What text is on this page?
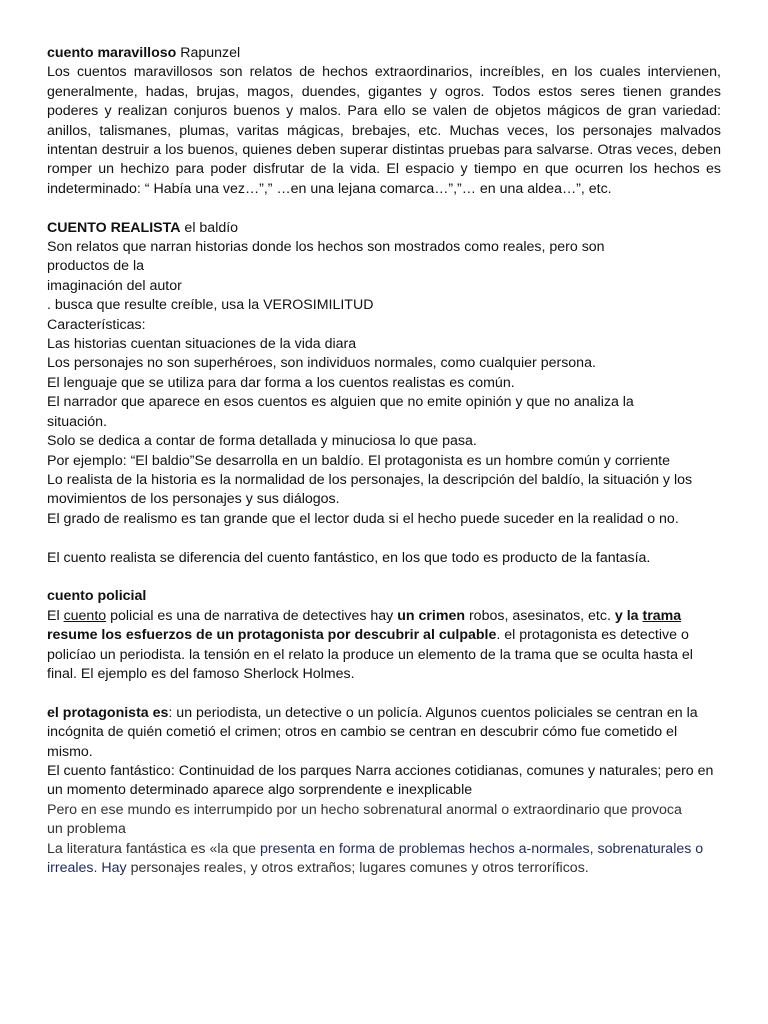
cuento maravilloso Rapunzel

Los cuentos maravillosos son relatos de hechos extraordinarios, increíbles, en los cuales intervienen, generalmente, hadas, brujas, magos, duendes, gigantes y ogros. Todos estos seres tienen grandes poderes y realizan conjuros buenos y malos. Para ello se valen de objetos mágicos de gran variedad: anillos, talismanes, plumas, varitas mágicas, brebajes, etc. Muchas veces, los personajes malvados intentan destruir a los buenos, quienes deben superar distintas pruebas para salvarse. Otras veces, deben romper un hechizo para poder disfrutar de la vida. El espacio y tiempo en que ocurren los hechos es indeterminado: “ Había una vez…”,” …en una lejana comarca…”,”… en una aldea…”, etc.

CUENTO REALISTA el baldío

Son relatos que narran historias donde los hechos son mostrados como reales, pero son productos de la

imaginación del autor

. busca que resulte creíble, usa la VEROSIMILITUD

Características:

Las historias cuentan situaciones de la vida diara

Los personajes no son superhéroes, son individuos normales, como cualquier persona.

El lenguaje que se utiliza para dar forma a los cuentos realistas es común.

El narrador que aparece en esos cuentos es alguien que no emite opinión y que no analiza la situación.

Solo se dedica a contar de forma detallada y minuciosa lo que pasa.

Por ejemplo: “El baldio”Se desarrolla en un baldío. El protagonista es un hombre común y corriente

Lo realista de la historia es la normalidad de los personajes, la descripción del baldío, la situación y los movimientos de los personajes y sus diálogos.

El grado de realismo es tan grande que el lector duda si el hecho puede suceder en la realidad o no.

El cuento realista se diferencia del cuento fantástico, en los que todo es producto de la fantasía.

cuento policial

El cuento policial es una de narrativa de detectives hay un crimen robos, asesinatos, etc. y la trama resume los esfuerzos de un protagonista por descubrir al culpable. el protagonista es detective o policíao un periodista. la tensión en el relato la produce un elemento de la trama que se oculta hasta el final. El ejemplo es del famoso Sherlock Holmes.

el protagonista es: un periodista, un detective o un policía. Algunos cuentos policiales se centran en la incógnita de quién cometió el crimen; otros en cambio se centran en descubrir cómo fue cometido el mismo.

El cuento fantástico: Continuidad de los parques Narra acciones cotidianas, comunes y naturales; pero en un momento determinado aparece algo sorprendente e inexplicable

Pero en ese mundo es interrumpido por un hecho sobrenatural anormal o extraordinario que provoca un problema

La literatura fantástica es «la que presenta en forma de problemas hechos a-normales, sobrenaturales o irreales. Hay personajes reales, y otros extraños; lugares comunes y otros terroríficos.
